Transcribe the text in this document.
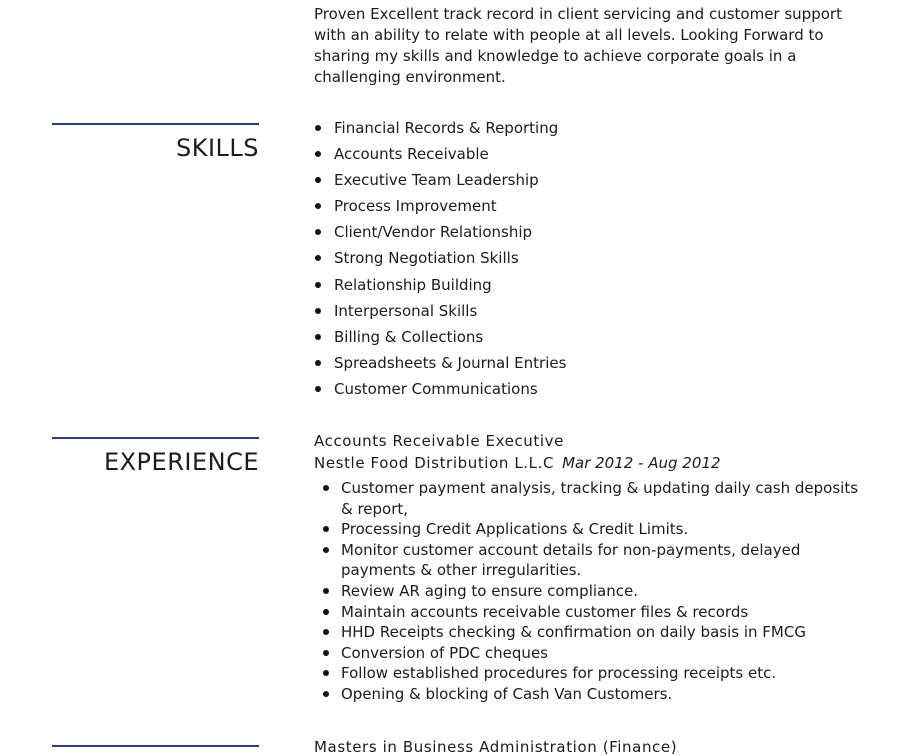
Proven Excellent track record in client servicing and customer support with an ability to relate with people at all levels. Looking Forward to sharing my skills and knowledge to achieve corporate goals in a challenging environment.

SKILLS
Financial Records & Reporting
Accounts Receivable
Executive Team Leadership
Process Improvement
Client/Vendor Relationship
Strong Negotiation Skills
Relationship Building
Interpersonal Skills
Billing & Collections
Spreadsheets & Journal Entries
Customer Communications
EXPERIENCE

Accounts Receivable Executive

Nestle Food Distribution L.L.C Mar 2012 - Aug 2012

Customer payment analysis, tracking & updating daily cash deposits & report,
Processing Credit Applications & Credit Limits.
Monitor customer account details for non-payments, delayed payments & other irregularities.
Review AR aging to ensure compliance.
Maintain accounts receivable customer files & records
HHD Receipts checking & confirmation on daily basis in FMCG
Conversion of PDC cheques
Follow established procedures for processing receipts etc.
Opening & blocking of Cash Van Customers.

Masters in Business Administration (Finance)
